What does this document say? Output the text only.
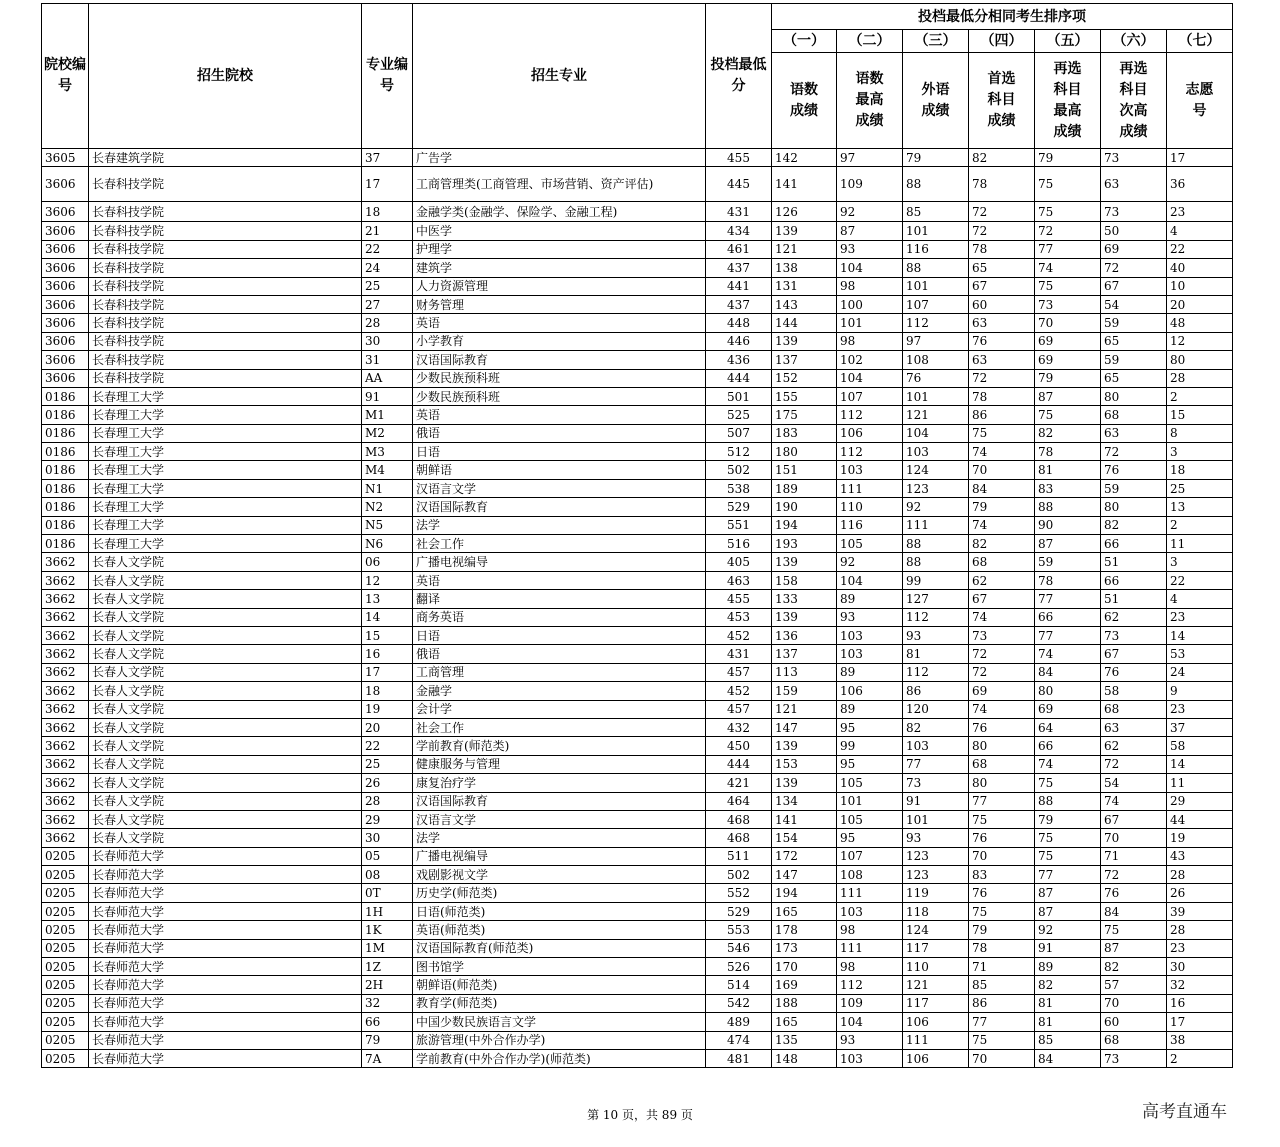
院校编号	招生院校	专业编号	招生专业	投档最低分	投档最低分相同考生排序项						
					（一）	（二）	（三）	（四）	（五）	（六）	（七）
					语数成绩	语数最高成绩	外语成绩	首选科目成绩	再选科目最高成绩	再选科目次高成绩	志愿号
3605	长春建筑学院	37	广告学	455	142	97	79	82	79	73	17
3606	长春科技学院	17	工商管理类(工商管理、市场营销、资产评估)	445	141	109	88	78	75	63	36
3606	长春科技学院	18	金融学类(金融学、保险学、金融工程)	431	126	92	85	72	75	73	23
3606	长春科技学院	21	中医学	434	139	87	101	72	72	50	4
3606	长春科技学院	22	护理学	461	121	93	116	78	77	69	22
3606	长春科技学院	24	建筑学	437	138	104	88	65	74	72	40
3606	长春科技学院	25	人力资源管理	441	131	98	101	67	75	67	10
3606	长春科技学院	27	财务管理	437	143	100	107	60	73	54	20
3606	长春科技学院	28	英语	448	144	101	112	63	70	59	48
3606	长春科技学院	30	小学教育	446	139	98	97	76	69	65	12
3606	长春科技学院	31	汉语国际教育	436	137	102	108	63	69	59	80
3606	长春科技学院	AA	少数民族预科班	444	152	104	76	72	79	65	28
0186	长春理工大学	91	少数民族预科班	501	155	107	101	78	87	80	2
0186	长春理工大学	M1	英语	525	175	112	121	86	75	68	15
0186	长春理工大学	M2	俄语	507	183	106	104	75	82	63	8
0186	长春理工大学	M3	日语	512	180	112	103	74	78	72	3
0186	长春理工大学	M4	朝鲜语	502	151	103	124	70	81	76	18
0186	长春理工大学	N1	汉语言文学	538	189	111	123	84	83	59	25
0186	长春理工大学	N2	汉语国际教育	529	190	110	92	79	88	80	13
0186	长春理工大学	N5	法学	551	194	116	111	74	90	82	2
0186	长春理工大学	N6	社会工作	516	193	105	88	82	87	66	11
3662	长春人文学院	06	广播电视编导	405	139	92	88	68	59	51	3
3662	长春人文学院	12	英语	463	158	104	99	62	78	66	22
3662	长春人文学院	13	翻译	455	133	89	127	67	77	51	4
3662	长春人文学院	14	商务英语	453	139	93	112	74	66	62	23
3662	长春人文学院	15	日语	452	136	103	93	73	77	73	14
3662	长春人文学院	16	俄语	431	137	103	81	72	74	67	53
3662	长春人文学院	17	工商管理	457	113	89	112	72	84	76	24
3662	长春人文学院	18	金融学	452	159	106	86	69	80	58	9
3662	长春人文学院	19	会计学	457	121	89	120	74	69	68	23
3662	长春人文学院	20	社会工作	432	147	95	82	76	64	63	37
3662	长春人文学院	22	学前教育(师范类)	450	139	99	103	80	66	62	58
3662	长春人文学院	25	健康服务与管理	444	153	95	77	68	74	72	14
3662	长春人文学院	26	康复治疗学	421	139	105	73	80	75	54	11
3662	长春人文学院	28	汉语国际教育	464	134	101	91	77	88	74	29
3662	长春人文学院	29	汉语言文学	468	141	105	101	75	79	67	44
3662	长春人文学院	30	法学	468	154	95	93	76	75	70	19
0205	长春师范大学	05	广播电视编导	511	172	107	123	70	75	71	43
0205	长春师范大学	08	戏剧影视文学	502	147	108	123	83	77	72	28
0205	长春师范大学	0T	历史学(师范类)	552	194	111	119	76	87	76	26
0205	长春师范大学	1H	日语(师范类)	529	165	103	118	75	87	84	39
0205	长春师范大学	1K	英语(师范类)	553	178	98	124	79	92	75	28
0205	长春师范大学	1M	汉语国际教育(师范类)	546	173	111	117	78	91	87	23
0205	长春师范大学	1Z	图书馆学	526	170	98	110	71	89	82	30
0205	长春师范大学	2H	朝鲜语(师范类)	514	169	112	121	85	82	57	32
0205	长春师范大学	32	教育学(师范类)	542	188	109	117	86	81	70	16
0205	长春师范大学	66	中国少数民族语言文学	489	165	104	106	77	81	60	17
0205	长春师范大学	79	旅游管理(中外合作办学)	474	135	93	111	75	85	68	38
0205	长春师范大学	7A	学前教育(中外合作办学)(师范类)	481	148	103	106	70	84	73	2
第 10 页，共 89 页	高考直通车
